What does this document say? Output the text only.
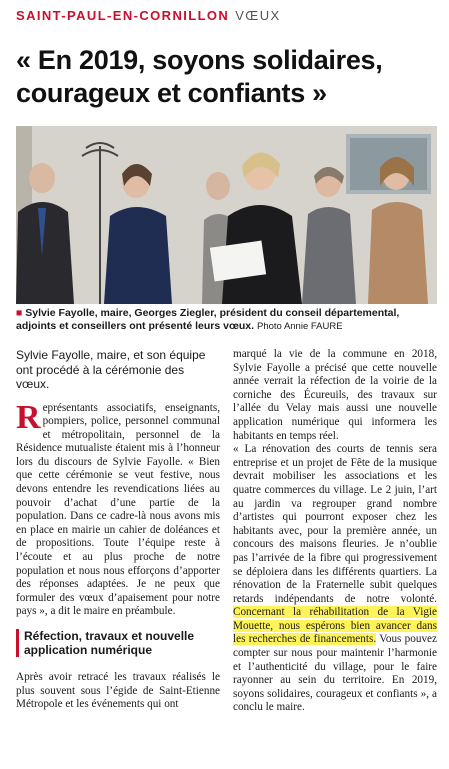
SAINT-PAUL-EN-CORNILLON VŒUX
« En 2019, soyons solidaires, courageux et confiants »
■ Sylvie Fayolle, maire, Georges Ziegler, président du conseil départemental, adjoints et conseillers ont présenté leurs vœux. Photo Annie FAURE

Sylvie Fayolle, maire, et son équipe ont procédé à la cérémonie des vœux.

Représentants associatifs, enseignants, pompiers, police, personnel communal et métropolitain, personnel de la Résidence mutualiste étaient mis à l’honneur lors du discours de Sylvie Fayolle. « Bien que cette cérémonie se veut festive, nous devons entendre les revendications liées au pouvoir d’achat d’une partie de la population. Dans ce cadre-là nous avons mis en place en mairie un cahier de doléances et de propositions. Toute l’équipe reste à l’écoute et au plus proche de notre population et nous nous efforçons d’apporter des réponses adaptées. Je ne peux que formuler des vœux d’apaisement pour notre pays », a dit le maire en préambule.

Réfection, travaux et nouvelle application numérique

Après avoir retracé les travaux réalisés le plus souvent sous l’égide de Saint-Etienne Métropole et les événements qui ont

marqué la vie de la commune en 2018, Sylvie Fayolle a précisé que cette nouvelle année verrait la réfection de la voirie de la corniche des Écureuils, des travaux sur l’allée du Velay mais aussi une nouvelle application numérique qui informera les habitants en temps réel.

« La rénovation des courts de tennis sera entreprise et un projet de Fête de la musique devrait mobiliser les associations et les quatre commerces du village. Le 2 juin, l’art au jardin va regrouper grand nombre d’artistes qui pourront exposer chez les habitants avec, pour la première année, un concours des maisons fleuries. Je n’oublie pas l’arrivée de la fibre qui progressivement se déploiera dans les différents quartiers. La rénovation de la Fraternelle subit quelques retards indépendants de notre volonté. Concernant la réhabilitation de la Vigie Mouette, nous espérons bien avancer dans les recherches de financements. Vous pouvez compter sur nous pour maintenir l’harmonie et l’authenticité du village, pour le faire rayonner au sein du territoire. En 2019, soyons solidaires, courageux et confiants », a conclu le maire.
